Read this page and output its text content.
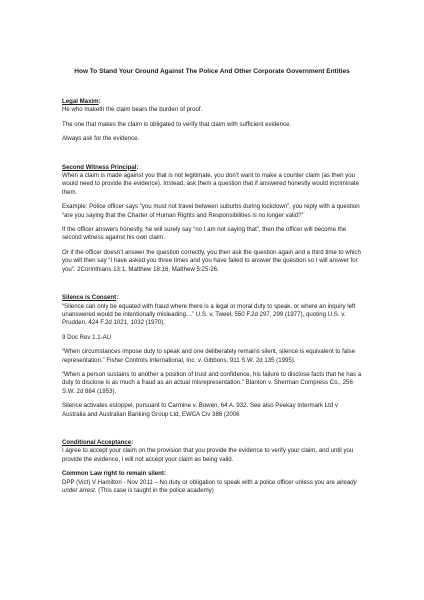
How To Stand Your Ground Against The Police And Other Corporate Government Entities
Legal Maxim:

He who maketh the claim bears the burden of proof.

The one that makes the claim is obligated to verify that claim with sufficient evidence.

Always ask for the evidence.

Second Witness Principal:

When a claim is made against you that is not legitimate, you don’t want to make a counter claim (as then you would need to provide the evidence). Instead, ask them a question that if answered honestly would incriminate them.

Example: Police officer says “you must not travel between suburbs during lockdown”, you reply with a question “are you saying that the Charter of Human Rights and Responsibilities is no longer valid?”

If the officer answers honestly, he will surely say “no I am not saying that”, then the officer will become the second witness against his own claim.

Or if the officer doesn’t answer the question correctly, you then ask the question again and a third time to which you will then say “I have asked you three times and you have failed to answer the question so I will answer for you”. 2Corinthians 13:1, Matthew 18:16, Matthew 5:25-26.

Silence is Consent:

“Silence can only be equated with fraud where there is a legal or moral duty to speak, or where an inquiry left unanswered would be intentionally misleading…” U.S. v. Tweel, 550 F.2d 297, 299 (1977), quoting U.S. v. Prudden, 424 F.2d 1021, 1032 (1970).

9 Doc Rev 1.1-AU

“When circumstances impose duty to speak and one deliberately remains silent, silence is equivalent to false representation.” Fisher Controls International, Inc. v. Gibbons, 911 S.W. 2d 135 (1995).

“When a person sustains to another a position of trust and confidence, his failure to disclose facts that he has a duty to disclose is as much a fraud as an actual misrepresentation.” Blanton v. Sherman Compress Co., 256 S.W. 2d 884 (1953).

Silence activates estoppel, pursuant to Carmine v. Bowen, 64 A. 932. See also Peekay Intermark Ltd v Australia and Australian Banking Group Ltd, EWCA Civ 386 (2006

Conditional Acceptance:

I agree to accept your claim on the provision that you provide the evidence to verify your claim, and until you provide the evidence, I will not accept your claim as being valid.

Common Law right to remain silent:

DPP (Vict) V Hamilton - Nov 2011 – No duty or obligation to speak with a police officer unless you are already under arrest. (This case is taught in the police academy)
